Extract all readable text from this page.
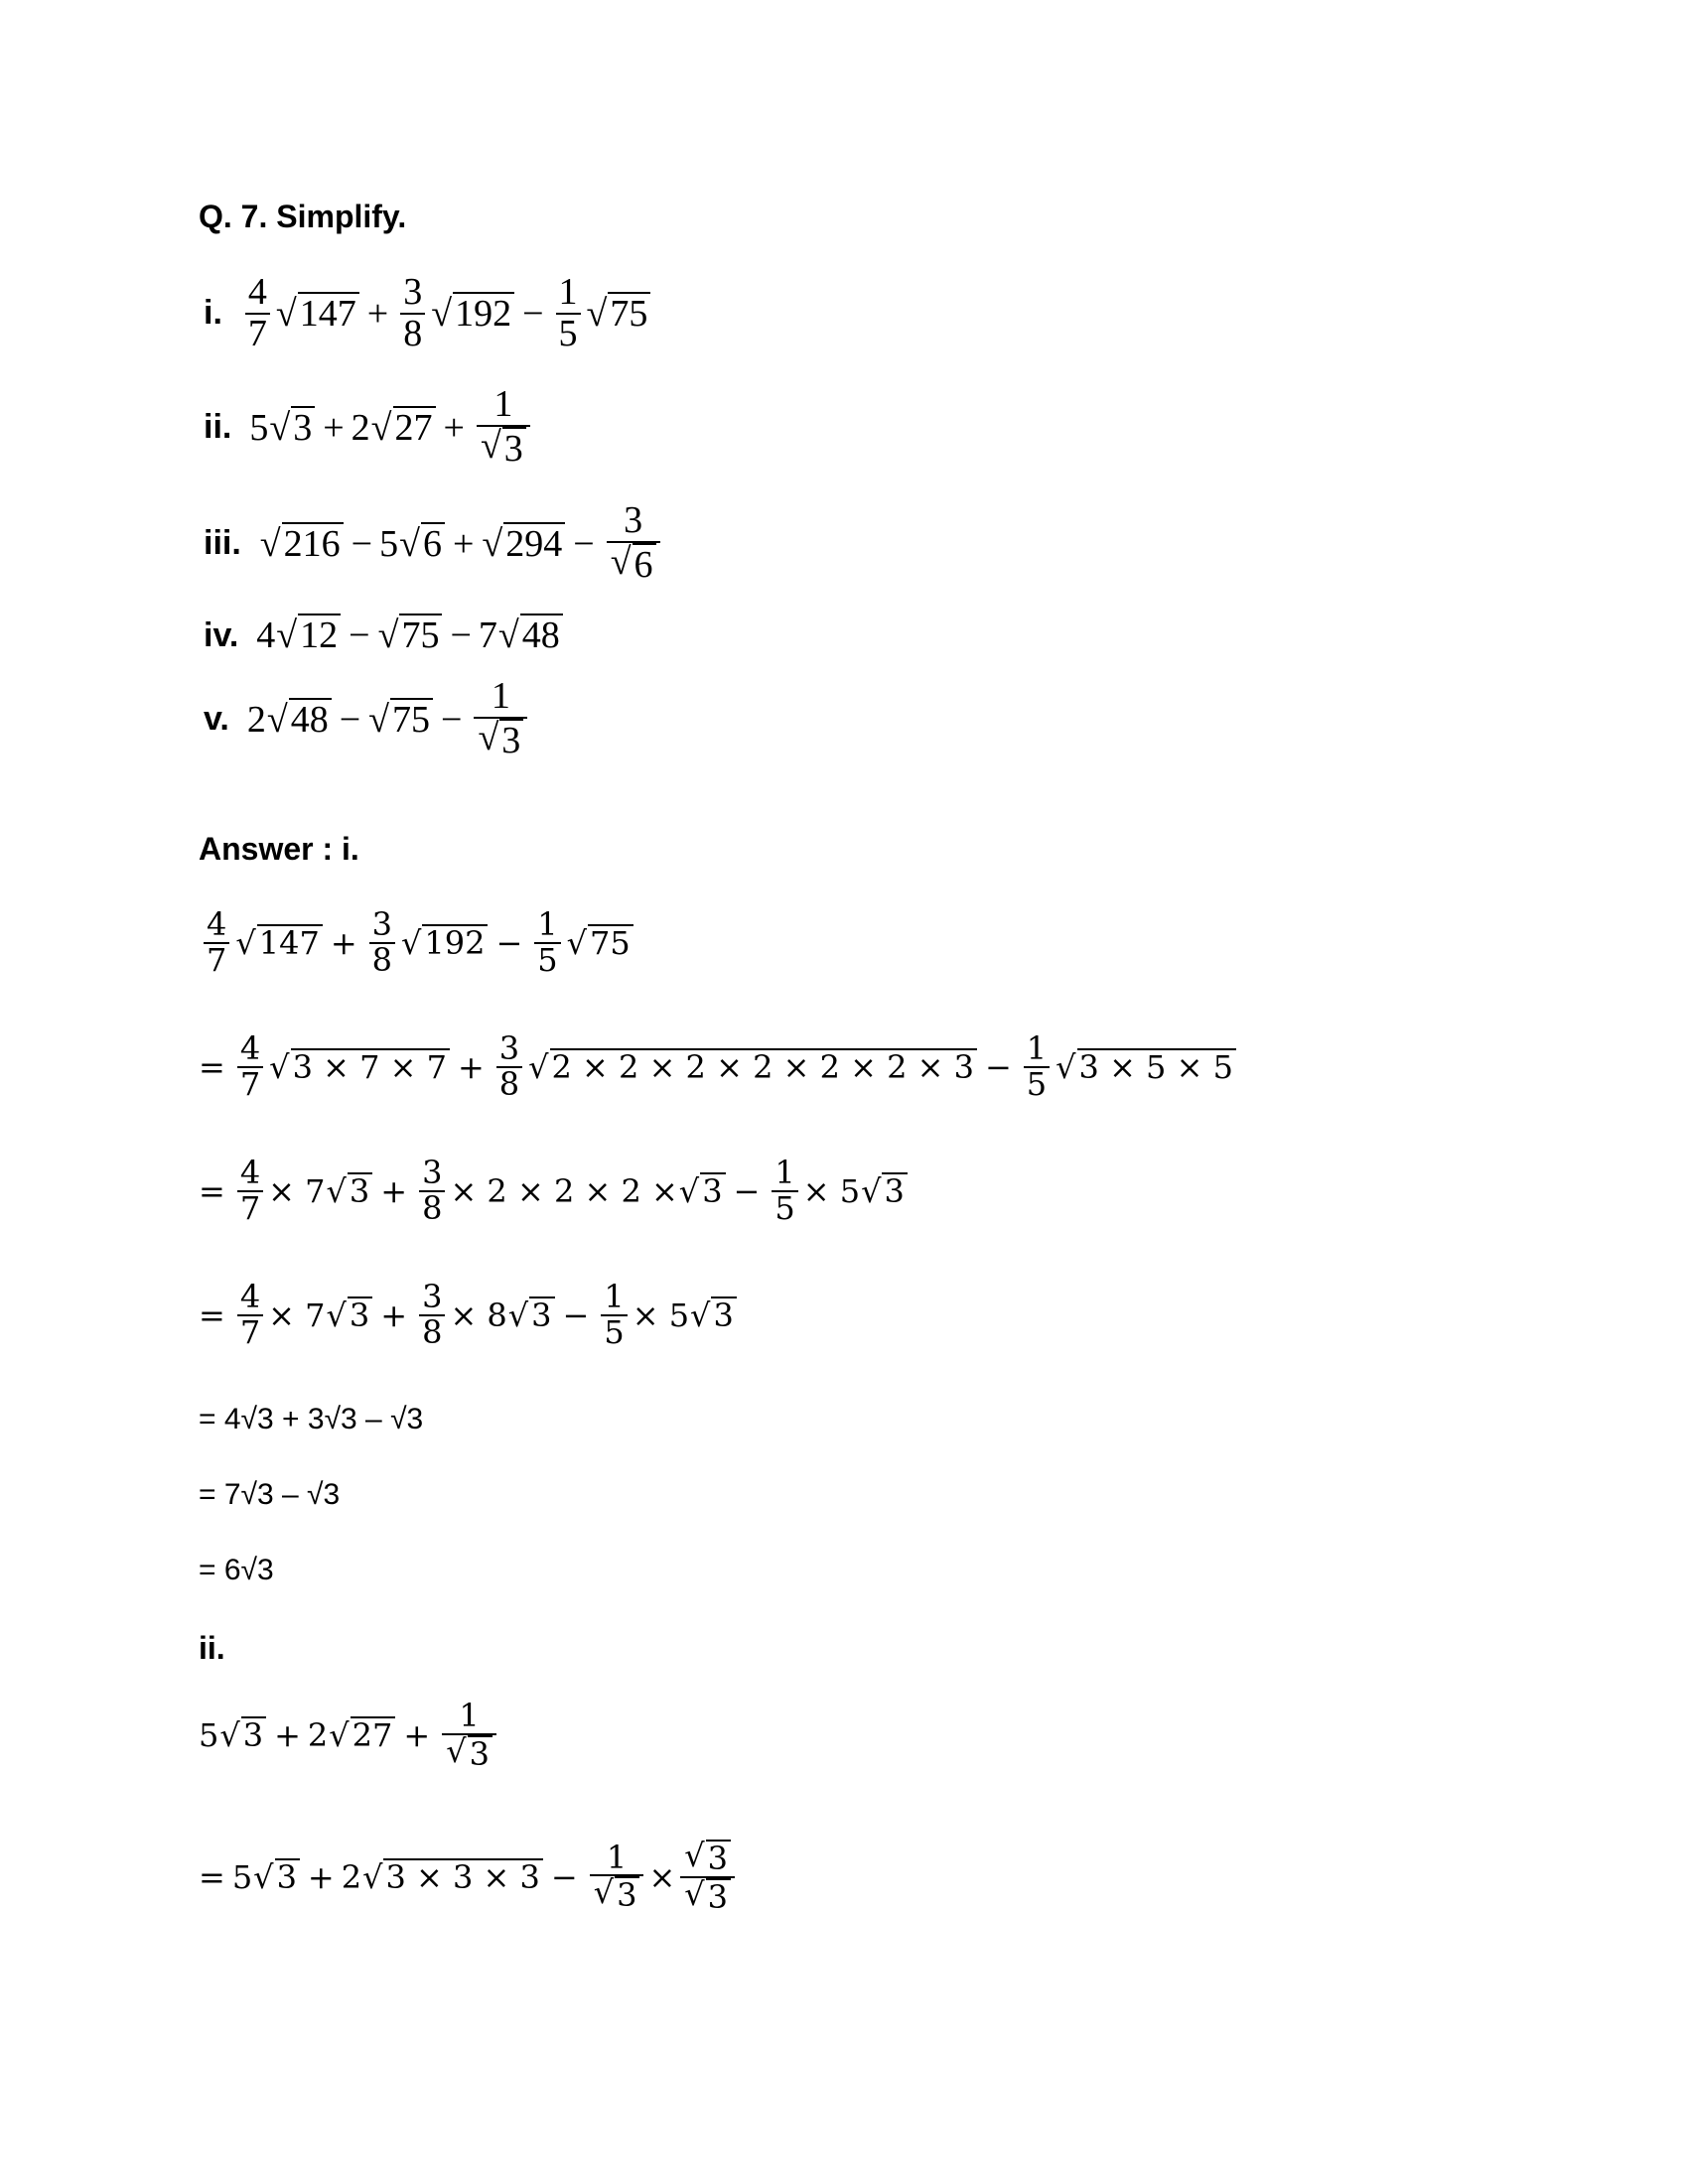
Q. 7. Simplify.
i. $\frac{4}{7}$ √ $147 + \frac{3}{8}$ √ $192 - \frac{1}{5}$ √ 75
ii. 5 √ 3 + 2 √ $27 + \frac{1}{√ 3}$
iii. √ 216 − 5 √ 6 + √ $294 - \frac{3}{√ 6}$
iv. 4 √ 12 − √ 75 − 7 √ 48
v. 2 √ 48 − √ $75 - \frac{1}{√ 3}$
Answer : i.
$\frac{4}{7}$ √ $147 + \frac{3}{8}$ √ $192 - \frac{1}{5}$ √ 75
= $\frac{4}{7}$ √ $3 \times 7 \times 7 + \frac{3}{8}$ √ $2 \times 2 \times 2 \times 2 \times 2 \times 2 \times 3 - \frac{1}{5}$ √ 3 × 5 × 5
= $\frac{4}{7} \times 7$ √ $3 + \frac{3}{8} \times 2 \times 2 \times 2$ × √ $3 - \frac{1}{5} \times 5$ √ 3
= $\frac{4}{7} \times 7$ √ $3 + \frac{3}{8} \times 8$ √ $3 - \frac{1}{5} \times 5$ √ 3
= 4√3 + 3√3 – √3
= 7√3 – √3
= 6√3
ii.
5 √ 3 + 2 √ $27 + \frac{1}{√ 3}$
= 5 √ 3 + 2 √ $3 \times 3 \times 3 - \frac{1}{√ 3} \times \frac{√ 3}{√ 3}$
